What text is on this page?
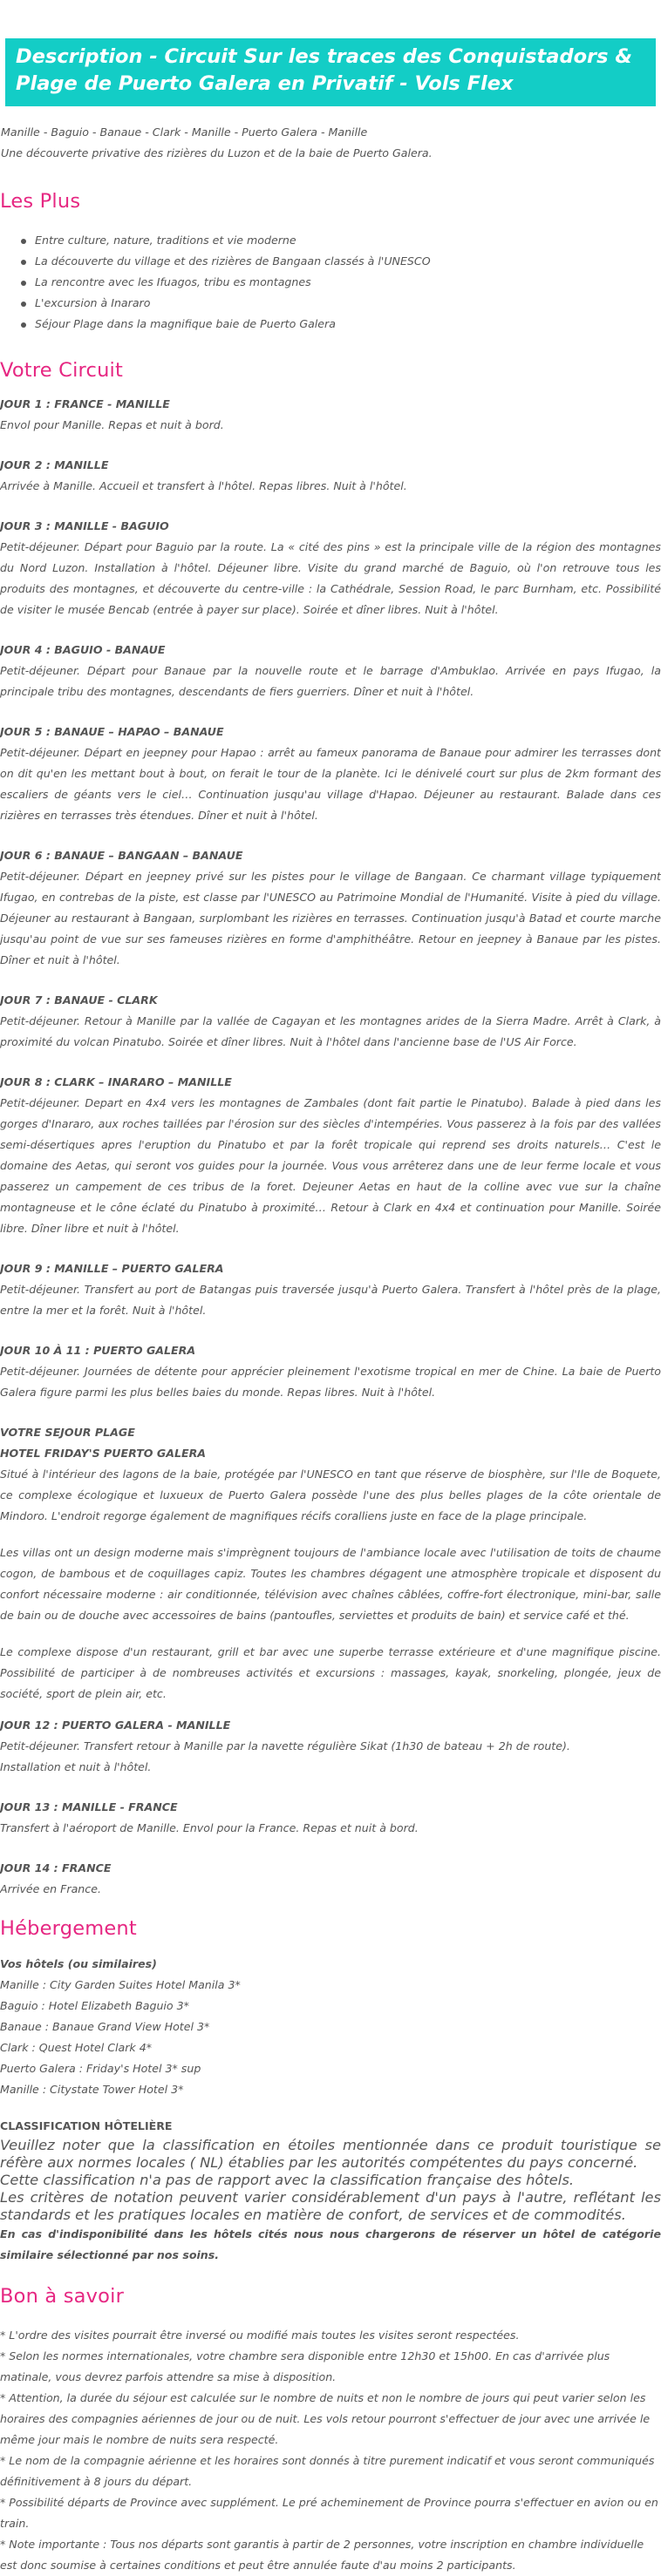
Description - Circuit Sur les traces des Conquistadors & Plage de Puerto Galera en Privatif - Vols Flex
Manille - Baguio - Banaue - Clark - Manille - Puerto Galera - Manille
Une découverte privative des rizières du Luzon et de la baie de Puerto Galera.
Les Plus
Entre culture, nature, traditions et vie moderne
La découverte du village et des rizières de Bangaan classés à l'UNESCO
La rencontre avec les Ifuagos, tribu es montagnes
L'excursion à Inararo
Séjour Plage dans la magnifique baie de Puerto Galera
Votre Circuit
JOUR 1 : FRANCE - MANILLE
Envol pour Manille. Repas et nuit à bord.
JOUR 2 : MANILLE
Arrivée à Manille. Accueil et transfert à l'hôtel. Repas libres. Nuit à l'hôtel.
JOUR 3 : MANILLE - BAGUIO
Petit-déjeuner. Départ pour Baguio par la route. La « cité des pins » est la principale ville de la région des montagnes du Nord Luzon. Installation à l'hôtel. Déjeuner libre. Visite du grand marché de Baguio, où l'on retrouve tous les produits des montagnes, et découverte du centre-ville : la Cathédrale, Session Road, le parc Burnham, etc. Possibilité de visiter le musée Bencab (entrée à payer sur place). Soirée et dîner libres. Nuit à l'hôtel.
JOUR 4 : BAGUIO - BANAUE
Petit-déjeuner. Départ pour Banaue par la nouvelle route et le barrage d'Ambuklao. Arrivée en pays Ifugao, la principale tribu des montagnes, descendants de fiers guerriers. Dîner et nuit à l'hôtel.
JOUR 5 : BANAUE – HAPAO – BANAUE
Petit-déjeuner. Départ en jeepney pour Hapao : arrêt au fameux panorama de Banaue pour admirer les terrasses dont on dit qu'en les mettant bout à bout, on ferait le tour de la planète. Ici le dénivelé court sur plus de 2km formant des escaliers de géants vers le ciel… Continuation jusqu'au village d'Hapao. Déjeuner au restaurant. Balade dans ces rizières en terrasses très étendues. Dîner et nuit à l'hôtel.
JOUR 6 : BANAUE – BANGAAN – BANAUE
Petit-déjeuner. Départ en jeepney privé sur les pistes pour le village de Bangaan. Ce charmant village typiquement Ifugao, en contrebas de la piste, est classe par l'UNESCO au Patrimoine Mondial de l'Humanité. Visite à pied du village. Déjeuner au restaurant à Bangaan, surplombant les rizières en terrasses. Continuation jusqu'à Batad et courte marche jusqu'au point de vue sur ses fameuses rizières en forme d'amphithéâtre. Retour en jeepney à Banaue par les pistes. Dîner et nuit à l'hôtel.
JOUR 7 : BANAUE - CLARK
Petit-déjeuner. Retour à Manille par la vallée de Cagayan et les montagnes arides de la Sierra Madre. Arrêt à Clark, à proximité du volcan Pinatubo. Soirée et dîner libres. Nuit à l'hôtel dans l'ancienne base de l'US Air Force.
JOUR 8 : CLARK – INARARO – MANILLE
Petit-déjeuner. Depart en 4x4 vers les montagnes de Zambales (dont fait partie le Pinatubo). Balade à pied dans les gorges d'Inararo, aux roches taillées par l'érosion sur des siècles d'intempéries. Vous passerez à la fois par des vallées semi-désertiques apres l'eruption du Pinatubo et par la forêt tropicale qui reprend ses droits naturels… C'est le domaine des Aetas, qui seront vos guides pour la journée. Vous vous arrêterez dans une de leur ferme locale et vous passerez un campement de ces tribus de la foret. Dejeuner Aetas en haut de la colline avec vue sur la chaîne montagneuse et le cône éclaté du Pinatubo à proximité… Retour à Clark en 4x4 et continuation pour Manille. Soirée libre. Dîner libre et nuit à l'hôtel.
JOUR 9 : MANILLE – PUERTO GALERA
Petit-déjeuner. Transfert au port de Batangas puis traversée jusqu'à Puerto Galera. Transfert à l'hôtel près de la plage, entre la mer et la forêt. Nuit à l'hôtel.
JOUR 10 À 11 : PUERTO GALERA
Petit-déjeuner. Journées de détente pour apprécier pleinement l'exotisme tropical en mer de Chine. La baie de Puerto Galera figure parmi les plus belles baies du monde. Repas libres. Nuit à l'hôtel.
VOTRE SEJOUR PLAGE
HOTEL FRIDAY'S PUERTO GALERA
Situé à l'intérieur des lagons de la baie, protégée par l'UNESCO en tant que réserve de biosphère, sur l'Ile de Boquete, ce complexe écologique et luxueux de Puerto Galera possède l'une des plus belles plages de la côte orientale de Mindoro. L'endroit regorge également de magnifiques récifs coralliens juste en face de la plage principale.
Les villas ont un design moderne mais s'imprègnent toujours de l'ambiance locale avec l'utilisation de toits de chaume cogon, de bambous et de coquillages capiz. Toutes les chambres dégagent une atmosphère tropicale et disposent du confort nécessaire moderne : air conditionnée, télévision avec chaînes câblées, coffre-fort électronique, mini-bar, salle de bain ou de douche avec accessoires de bains (pantoufles, serviettes et produits de bain) et service café et thé.
Le complexe dispose d'un restaurant, grill et bar avec une superbe terrasse extérieure et d'une magnifique piscine. Possibilité de participer à de nombreuses activités et excursions : massages, kayak, snorkeling, plongée, jeux de société, sport de plein air, etc.
JOUR 12 : PUERTO GALERA - MANILLE
Petit-déjeuner. Transfert retour à Manille par la navette régulière Sikat (1h30 de bateau + 2h de route).
Installation et nuit à l'hôtel.
JOUR 13 : MANILLE - FRANCE
Transfert à l'aéroport de Manille. Envol pour la France. Repas et nuit à bord.
JOUR 14 : FRANCE
Arrivée en France.
Hébergement
Vos hôtels (ou similaires)
Manille : City Garden Suites Hotel Manila 3*
Baguio : Hotel Elizabeth Baguio 3*
Banaue : Banaue Grand View Hotel 3*
Clark : Quest Hotel Clark 4*
Puerto Galera : Friday's Hotel 3* sup
Manille : Citystate Tower Hotel 3*
CLASSIFICATION HÔTELIÈRE
Veuillez noter que la classification en étoiles mentionnée dans ce produit touristique se réfère aux normes locales ( NL) établies par les autorités compétentes du pays concerné.
Cette classification n'a pas de rapport avec la classification française des hôtels.
Les critères de notation peuvent varier considérablement d'un pays à l'autre, reflétant les standards et les pratiques locales en matière de confort, de services et de commodités.
En cas d'indisponibilité dans les hôtels cités nous nous chargerons de réserver un hôtel de catégorie similaire sélectionné par nos soins.
Bon à savoir
* L'ordre des visites pourrait être inversé ou modifié mais toutes les visites seront respectées.
* Selon les normes internationales, votre chambre sera disponible entre 12h30 et 15h00. En cas d'arrivée plus matinale, vous devrez parfois attendre sa mise à disposition.
* Attention, la durée du séjour est calculée sur le nombre de nuits et non le nombre de jours qui peut varier selon les horaires des compagnies aériennes de jour ou de nuit. Les vols retour pourront s'effectuer de jour avec une arrivée le même jour mais le nombre de nuits sera respecté.
* Le nom de la compagnie aérienne et les horaires sont donnés à titre purement indicatif et vous seront communiqués définitivement à 8 jours du départ.
* Possibilité départs de Province avec supplément. Le pré acheminement de Province pourra s'effectuer en avion ou en train.
* Note importante : Tous nos départs sont garantis à partir de 2 personnes, votre inscription en chambre individuelle est donc soumise à certaines conditions et peut être annulée faute d'au moins 2 participants.
